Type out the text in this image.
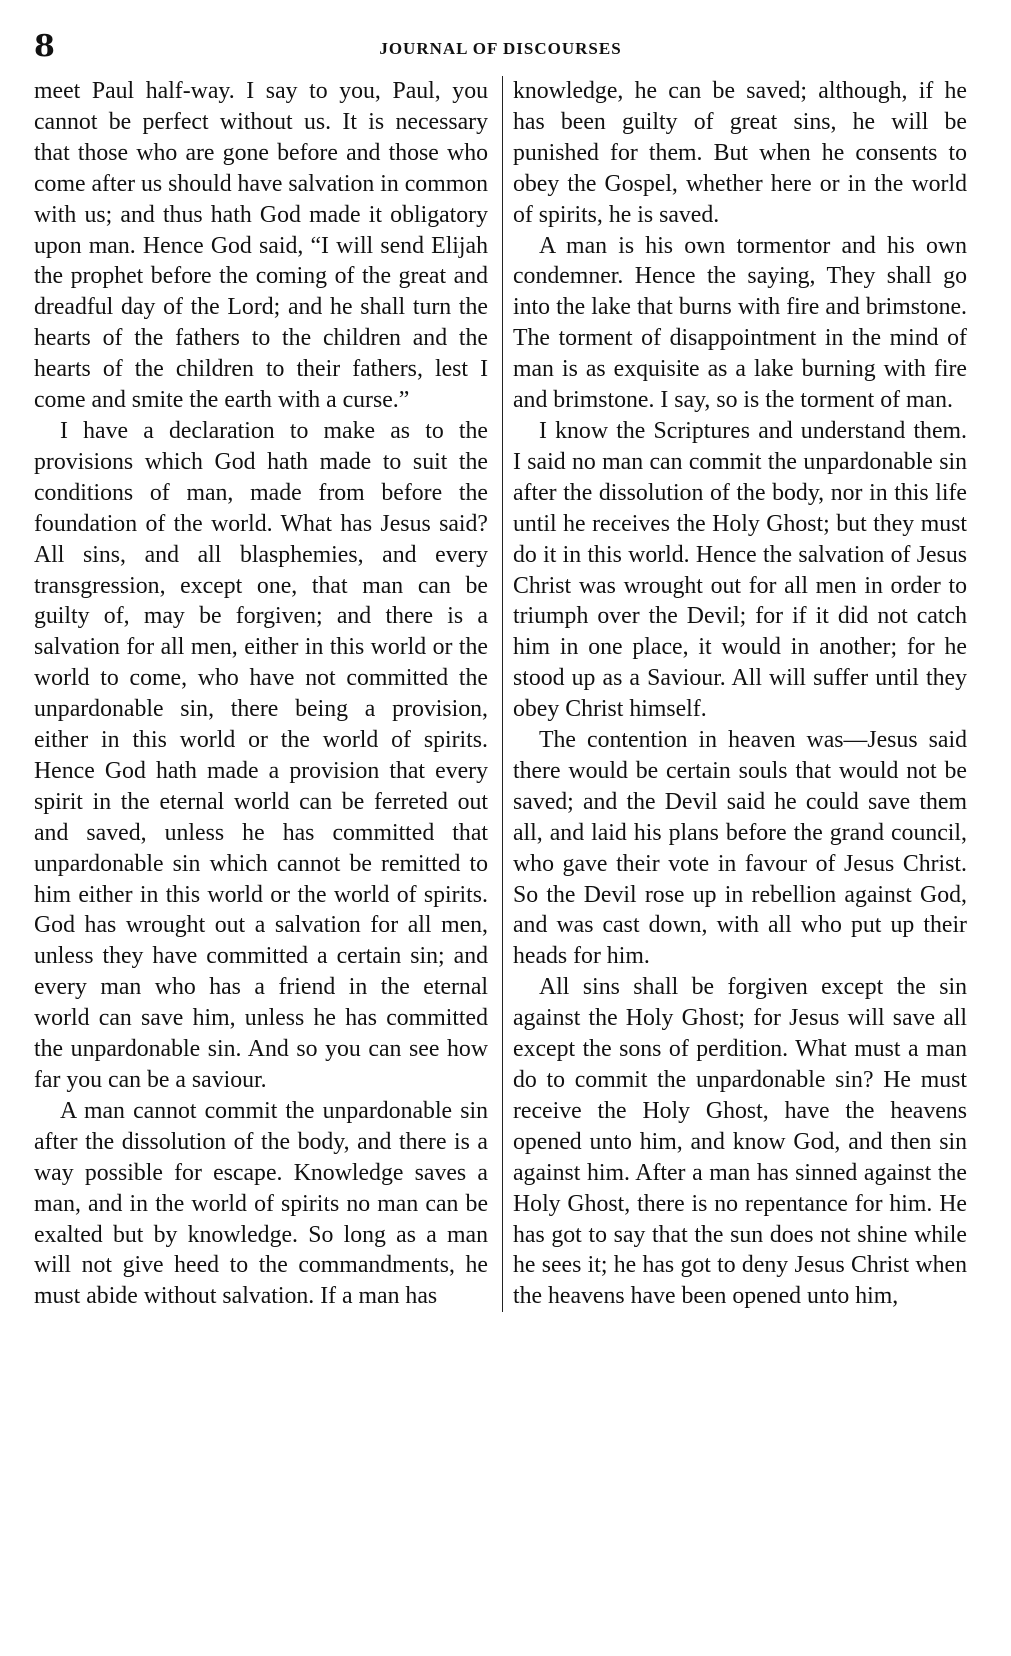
8	JOURNAL OF DISCOURSES

meet Paul half-way. I say to you, Paul, you cannot be perfect without us. It is necessary that those who are gone before and those who come after us should have salvation in common with us; and thus hath God made it obligatory upon man. Hence God said, “I will send Elijah the prophet before the coming of the great and dreadful day of the Lord; and he shall turn the hearts of the fathers to the children and the hearts of the children to their fathers, lest I come and smite the earth with a curse.”

I have a declaration to make as to the provisions which God hath made to suit the conditions of man, made from before the foundation of the world. What has Jesus said? All sins, and all blasphemies, and every transgression, except one, that man can be guilty of, may be forgiven; and there is a salvation for all men, either in this world or the world to come, who have not committed the unpardonable sin, there being a provision, either in this world or the world of spirits. Hence God hath made a provision that every spirit in the eternal world can be ferreted out and saved, unless he has committed that unpardonable sin which cannot be remitted to him either in this world or the world of spirits. God has wrought out a salvation for all men, unless they have committed a certain sin; and every man who has a friend in the eternal world can save him, unless he has committed the unpardonable sin. And so you can see how far you can be a saviour.

A man cannot commit the unpardonable sin after the dissolution of the body, and there is a way possible for escape. Knowledge saves a man, and in the world of spirits no man can be exalted but by knowledge. So long as a man will not give heed to the commandments, he must abide without salvation. If a man has

knowledge, he can be saved; although, if he has been guilty of great sins, he will be punished for them. But when he consents to obey the Gospel, whether here or in the world of spirits, he is saved.

A man is his own tormentor and his own condemner. Hence the saying, They shall go into the lake that burns with fire and brimstone. The torment of disappointment in the mind of man is as exquisite as a lake burning with fire and brimstone. I say, so is the torment of man.

I know the Scriptures and understand them. I said no man can commit the unpardonable sin after the dissolution of the body, nor in this life until he receives the Holy Ghost; but they must do it in this world. Hence the salvation of Jesus Christ was wrought out for all men in order to triumph over the Devil; for if it did not catch him in one place, it would in another; for he stood up as a Saviour. All will suffer until they obey Christ himself.

The contention in heaven was—Jesus said there would be certain souls that would not be saved; and the Devil said he could save them all, and laid his plans before the grand council, who gave their vote in favour of Jesus Christ. So the Devil rose up in rebellion against God, and was cast down, with all who put up their heads for him.

All sins shall be forgiven except the sin against the Holy Ghost; for Jesus will save all except the sons of perdition. What must a man do to commit the unpardonable sin? He must receive the Holy Ghost, have the heavens opened unto him, and know God, and then sin against him. After a man has sinned against the Holy Ghost, there is no repentance for him. He has got to say that the sun does not shine while he sees it; he has got to deny Jesus Christ when the heavens have been opened unto him,
